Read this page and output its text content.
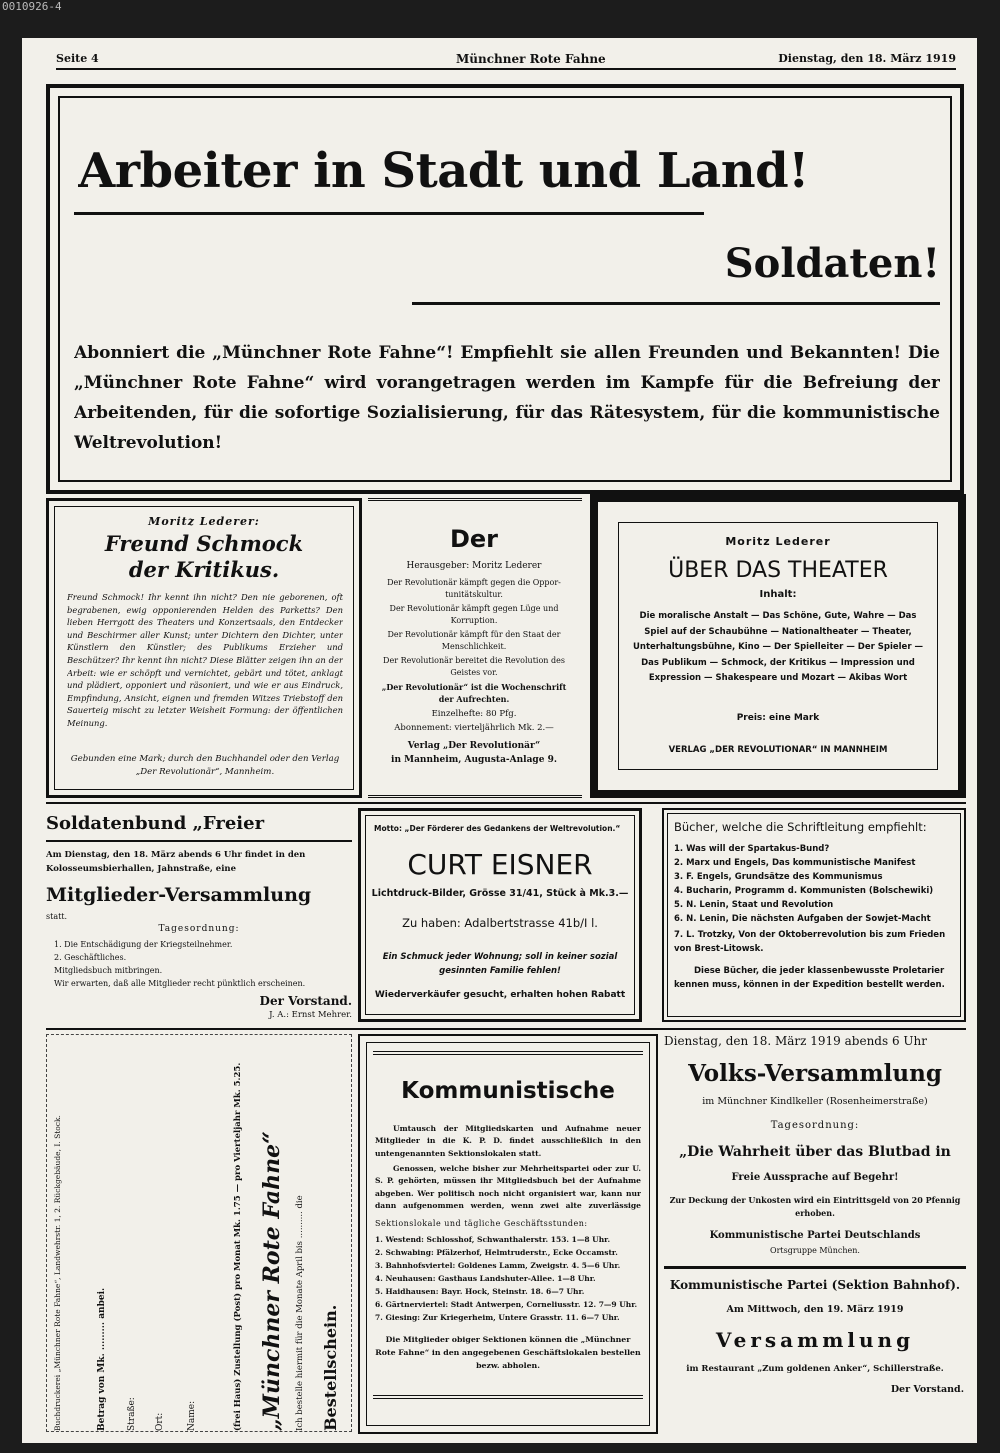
0010926-4
Seite 4	Münchner Rote Fahne	Dienstag, den 18. März 1919
Arbeiter in Stadt und Land!
Soldaten!
Abonniert die „Münchner Rote Fahne“! Empfiehlt sie allen Freunden und Bekannten! Die „Münchner Rote Fahne“ wird vorangetragen werden im Kampfe für die Befreiung der Arbeitenden, für die sofortige Sozialisierung, für das Rätesystem, für die kommunistische Weltrevolution!
Moritz Lederer:
Freund Schmock
der Kritikus.
Freund Schmock! Ihr kennt ihn nicht? Den nie geborenen, oft begrabenen, ewig opponierenden Helden des Parketts? Den lieben Herrgott des Theaters und Konzertsaals, den Entdecker und Beschirmer aller Kunst; unter Dichtern den Dichter, unter Künstlern den Künstler; des Publikums Erzieher und Beschützer? Ihr kennt ihn nicht? Diese Blätter zeigen ihn an der Arbeit: wie er schöpft und vernichtet, gebärt und tötet, anklagt und plädiert, opponiert und räsoniert, und wie er aus Eindruck, Empfindung, Ansicht, eignen und fremden Witzes Triebstoff den Sauerteig mischt zu letzter Weisheit Formung: der öffentlichen Meinung.
Gebunden eine Mark; durch den Buchhandel oder den Verlag „Der Revolutionär“, Mannheim.
Der
Herausgeber: Moritz Lederer
Der Revolutionär kämpft gegen die Opportunitätskultur.
Der Revolutionär kämpft gegen Lüge und Korruption.
Der Revolutionär kämpft für den Staat der Menschlichkeit.
Der Revolutionär bereitet die Revolution des Geistes vor.
„Der Revolutionär“ ist die Wochenschrift der Aufrechten.
Einzelhefte: 80 Pfg.
Abonnement: vierteljährlich Mk. 2.—
Verlag „Der Revolutionär“
in Mannheim, Augusta-Anlage 9.
Moritz Lederer
ÜBER DAS THEATER
Inhalt:
Die moralische Anstalt — Das Schöne, Gute, Wahre — Das Spiel auf der Schaubühne — Nationaltheater — Theater, Unterhaltungsbühne, Kino — Der Spielleiter — Der Spieler — Das Publikum — Schmock, der Kritikus — Impression und Expression — Shakespeare und Mozart — Akibas Wort
Preis: eine Mark
VERLAG „DER REVOLUTIONÄR“ IN MANNHEIM
Soldatenbund „Freier
Am Dienstag, den 18. März abends 6 Uhr findet in den Kolosseumsbierhallen, Jahnstraße, eine
Mitglieder-Versammlung
statt.
Tagesordnung:
1. Die Entschädigung der Kriegsteilnehmer.
2. Geschäftliches.
Mitgliedsbuch mitbringen.
Wir erwarten, daß alle Mitglieder recht pünktlich erscheinen.
Der Vorstand.
J. A.: Ernst Mehrer.
Motto: „Der Förderer des Gedankens der Weltrevolution.“
CURT EISNER
Lichtdruck-Bilder, Grösse 31/41, Stück à Mk.3.—
Zu haben: Adalbertstrasse 41b/I l.
Ein Schmuck jeder Wohnung; soll in keiner sozial gesinnten Familie fehlen!
Wiederverkäufer gesucht, erhalten hohen Rabatt
Bücher, welche die Schriftleitung empfiehlt:
1. Was will der Spartakus-Bund?
2. Marx und Engels, Das kommunistische Manifest
3. F. Engels, Grundsätze des Kommunismus
4. Bucharin, Programm d. Kommunisten (Bolschewiki)
5. N. Lenin, Staat und Revolution
6. N. Lenin, Die nächsten Aufgaben der Sowjet-Macht
7. L. Trotzky, Von der Oktoberrevolution bis zum Frieden von Brest-Litowsk.
Diese Bücher, die jeder klassenbewusste Proletarier kennen muss, können in der Expedition bestellt werden.
Bestellschein.
Ich bestelle hiermit für die Monate April bis .......... die
„Münchner Rote Fahne“
(frei Haus) Zustellung (Post) pro Monat Mk. 1.75 — pro Vierteljahr Mk. 5.25.
Name:
Ort:
Straße:
Betrag von Mk. ......... anbei.
Buchdruckerei „Münchner Rote Fahne“, Landwehrstr. 1, 2. Rückgebäude, I. Stock.
Kommunistische
Umtausch der Mitgliedskarten und Aufnahme neuer Mitglieder in die K. P. D. findet ausschließlich in den untengenannten Sektionslokalen statt.
Genossen, welche bisher zur Mehrheitspartei oder zur U. S. P. gehörten, müssen ihr Mitgliedsbuch bei der Aufnahme abgeben. Wer politisch noch nicht organisiert war, kann nur dann aufgenommen werden, wenn zwei alte zuverlässige
Sektionslokale und tägliche Geschäftsstunden:
1. Westend: Schlosshof, Schwanthalerstr. 153. 1—8 Uhr.
2. Schwabing: Pfälzerhof, Helmtruderstr., Ecke Occamstr.
3. Bahnhofsviertel: Goldenes Lamm, Zweigstr. 4. 5—6 Uhr.
4. Neuhausen: Gasthaus Landshuter-Allee. 1—8 Uhr.
5. Haidhausen: Bayr. Hock, Steinstr. 18. 6—7 Uhr.
6. Gärtnerviertel: Stadt Antwerpen, Corneliusstr. 12. 7—9 Uhr.
7. Giesing: Zur Kriegerheim, Untere Grasstr. 11. 6—7 Uhr.
Die Mitglieder obiger Sektionen können die „Münchner Rote Fahne“ in den angegebenen Geschäftslokalen bestellen bezw. abholen.
Dienstag, den 18. März 1919 abends 6 Uhr
Volks-Versammlung
im Münchner Kindlkeller (Rosenheimerstraße)
Tagesordnung:
„Die Wahrheit über das Blutbad in
Freie Aussprache auf Begehr!
Zur Deckung der Unkosten wird ein Eintrittsgeld von 20 Pfennig erhoben.
Kommunistische Partei Deutschlands
Ortsgruppe München.
Kommunistische Partei (Sektion Bahnhof).
Am Mittwoch, den 19. März 1919
Versammlung
im Restaurant „Zum goldenen Anker“, Schillerstraße.
Der Vorstand.
